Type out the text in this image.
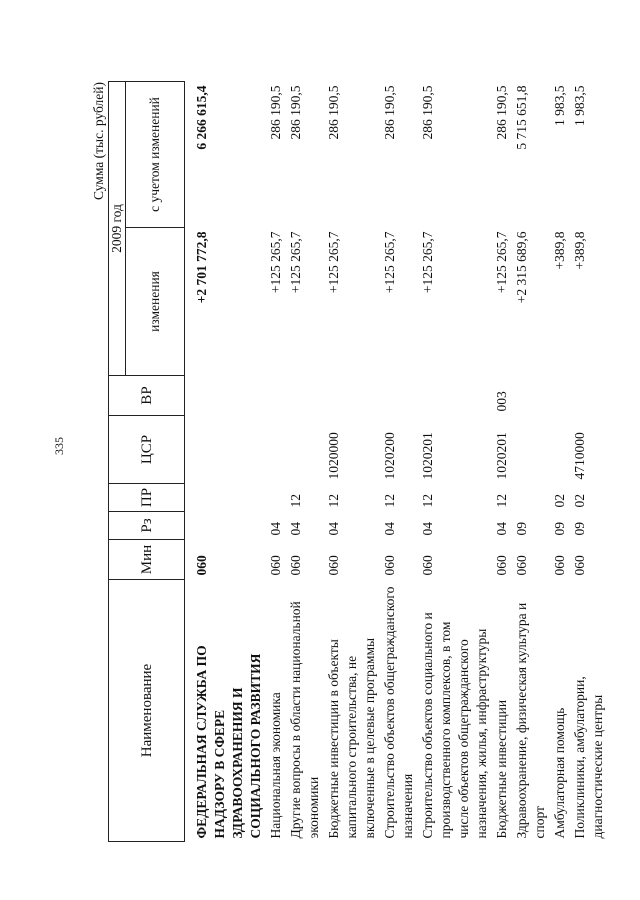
335
Сумма (тыс. рублей)
Наименование	Мин	Рз	ПР	ЦСР	ВР	2009 год	
						изменения	с учетом изменений
ФЕДЕРАЛЬНАЯ СЛУЖБА ПО НАДЗОРУ В СФЕРЕ ЗДРАВООХРАНЕНИЯ И СОЦИАЛЬНОГО РАЗВИТИЯ	060					+2 701 772,8	6 266 615,4
Национальная экономика	060	04				+125 265,7	286 190,5
Другие вопросы в области национальной экономики	060	04	12			+125 265,7	286 190,5
Бюджетные инвестиции в объекты капитального строительства, не включенные в целевые программы	060	04	12	1020000		+125 265,7	286 190,5
Строительство объектов общегражданского назначения	060	04	12	1020200		+125 265,7	286 190,5
Строительство объектов социального и производственного комплексов, в том числе объектов общегражданского назначения, жилья, инфраструктуры	060	04	12	1020201		+125 265,7	286 190,5
Бюджетные инвестиции	060	04	12	1020201	003	+125 265,7	286 190,5
Здравоохранение, физическая культура и спорт	060	09				+2 315 689,6	5 715 651,8
Амбулаторная помощь	060	09	02			+389,8	1 983,5
Поликлиники, амбулатории, диагностические центры	060	09	02	4710000		+389,8	1 983,5
